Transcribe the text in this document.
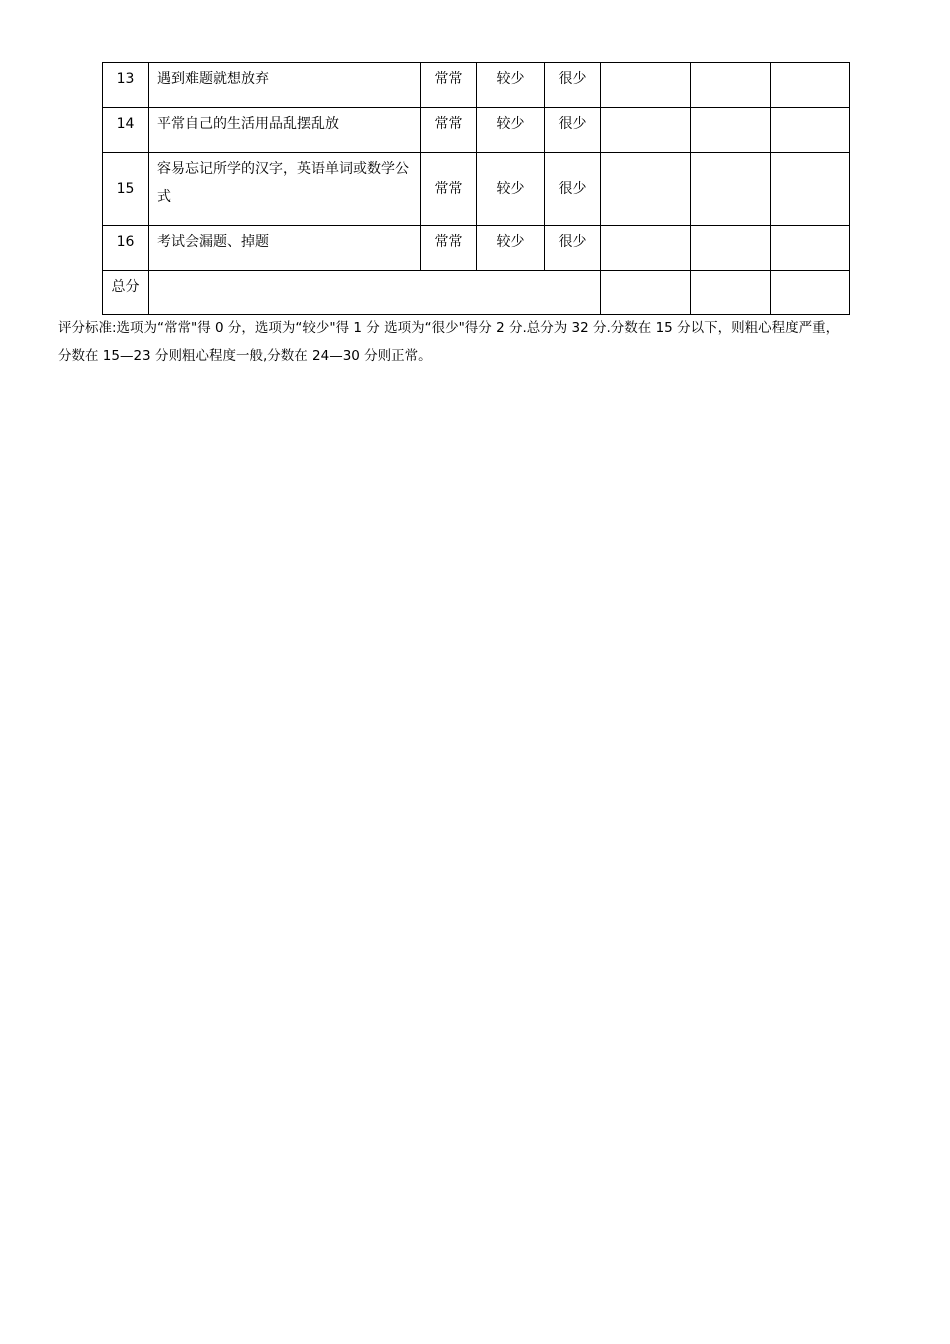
13	遇到难题就想放弃	常常	较少	很少			
14	平常自己的生活用品乱摆乱放	常常	较少	很少			
15	容易忘记所学的汉字，英语单词或数学公式	常常	较少	很少			
16	考试会漏题、掉题	常常	较少	很少			
总分							
评分标准:选项为“常常"得 0 分，选项为“较少"得 1 分 选项为“很少"得分 2 分.总分为 32 分.分数在 15 分以下，则粗心程度严重，
分数在 15—23 分则粗心程度一般,分数在 24—30 分则正常。
